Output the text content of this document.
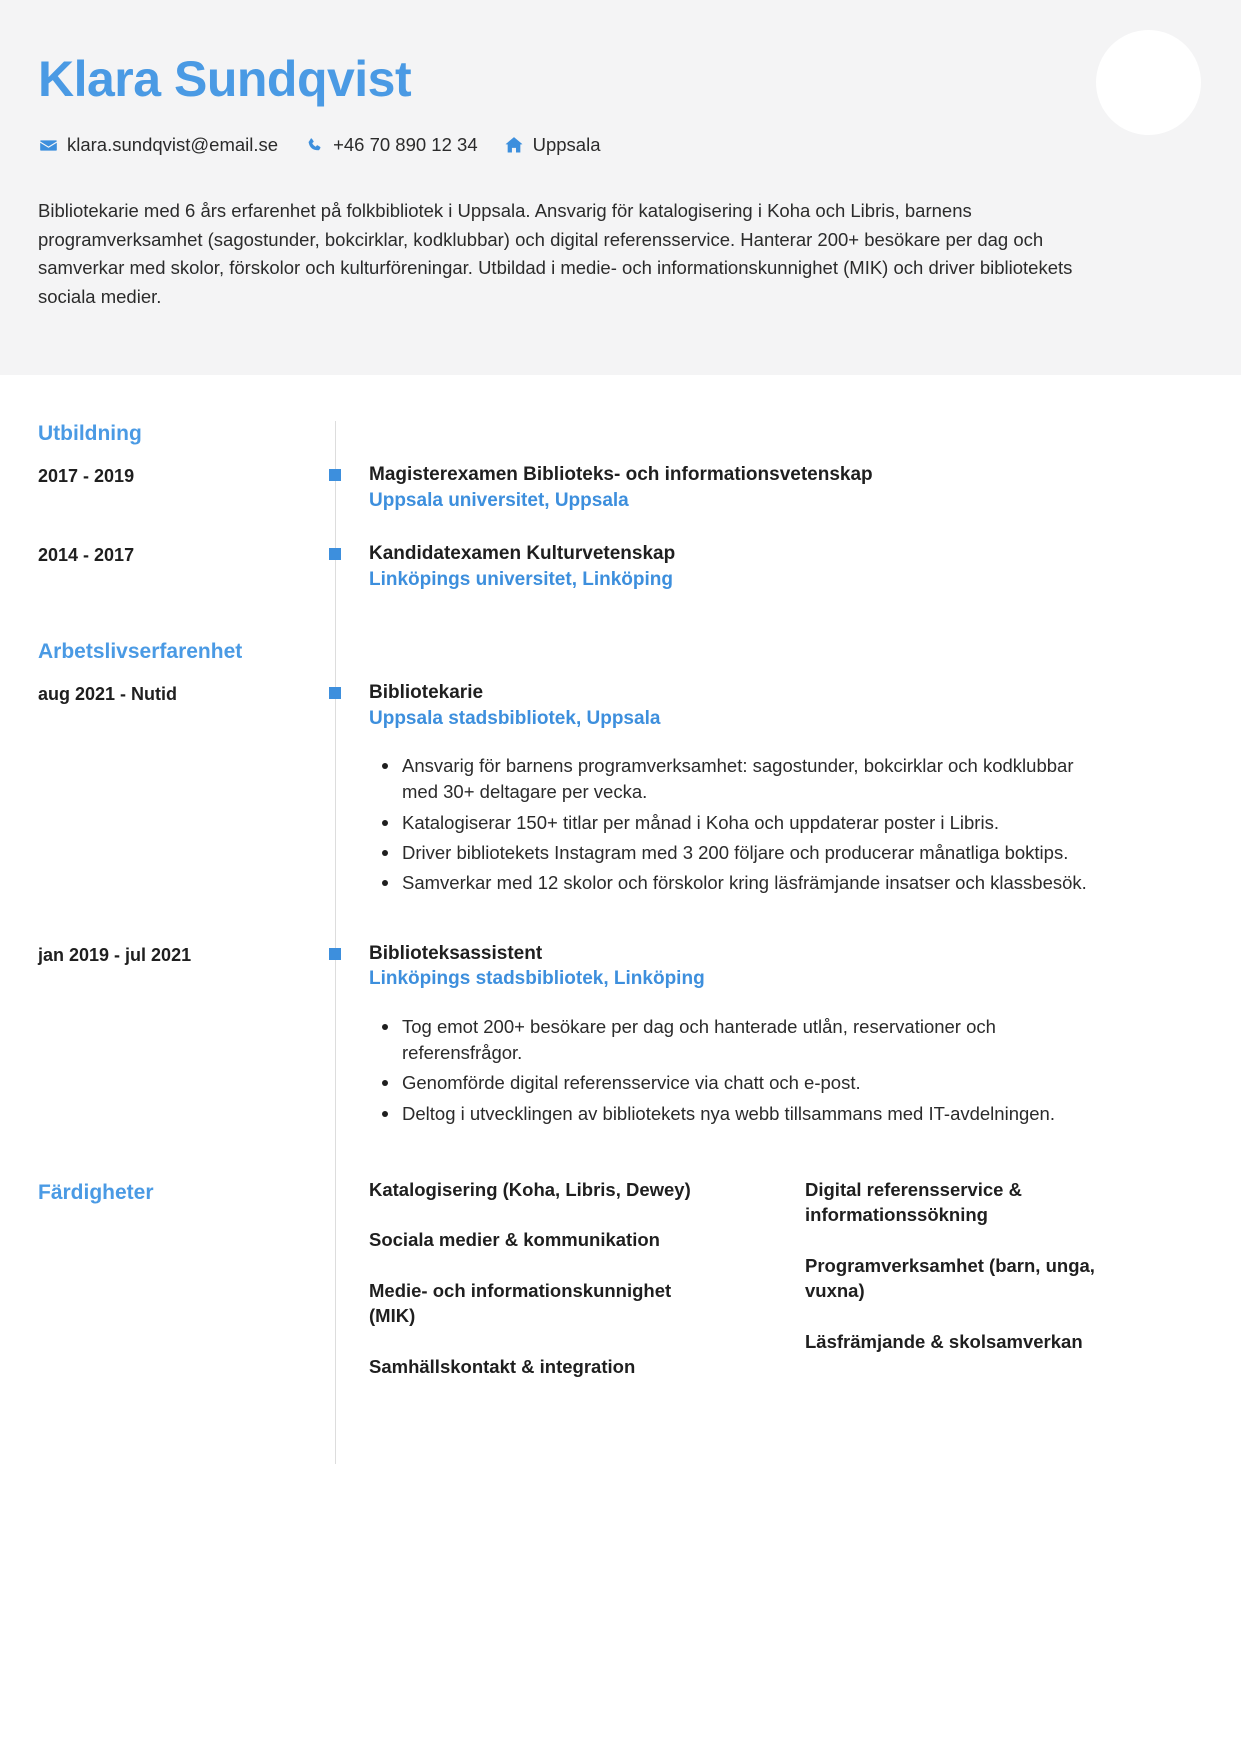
Klara Sundqvist
klara.sundqvist@email.se	+46 70 890 12 34	Uppsala

Bibliotekarie med 6 års erfarenhet på folkbibliotek i Uppsala. Ansvarig för katalogisering i Koha och Libris, barnens programverksamhet (sagostunder, bokcirklar, kodklubbar) och digital referensservice. Hanterar 200+ besökare per dag och samverkar med skolor, förskolor och kulturföreningar. Utbildad i medie- och informationskunnighet (MIK) och driver bibliotekets sociala medier.

Utbildning
2017 - 2019	Magisterexamen Biblioteks- och informationsvetenskap
Uppsala universitet, Uppsala
2014 - 2017	Kandidatexamen Kulturvetenskap
Linköpings universitet, Linköping
Arbetslivserfarenhet
aug 2021 - Nutid	Bibliotekarie
Uppsala stadsbibliotek, Uppsala
Ansvarig för barnens programverksamhet: sagostunder, bokcirklar och kodklubbar med 30+ deltagare per vecka.
Katalogiserar 150+ titlar per månad i Koha och uppdaterar poster i Libris.
Driver bibliotekets Instagram med 3 200 följare och producerar månatliga boktips.
Samverkar med 12 skolor och förskolor kring läsfrämjande insatser och klassbesök.
jan 2019 - jul 2021	Biblioteksassistent
Linköpings stadsbibliotek, Linköping
Tog emot 200+ besökare per dag och hanterade utlån, reservationer och referensfrågor.
Genomförde digital referensservice via chatt och e-post.
Deltog i utvecklingen av bibliotekets nya webb tillsammans med IT-avdelningen.
Färdigheter	Katalogisering (Koha, Libris, Dewey)
Sociala medier & kommunikation
Medie- och informationskunnighet (MIK)
Samhällskontakt & integration
Digital referensservice & informationssökning
Programverksamhet (barn, unga, vuxna)
Läsfrämjande & skolsamverkan
